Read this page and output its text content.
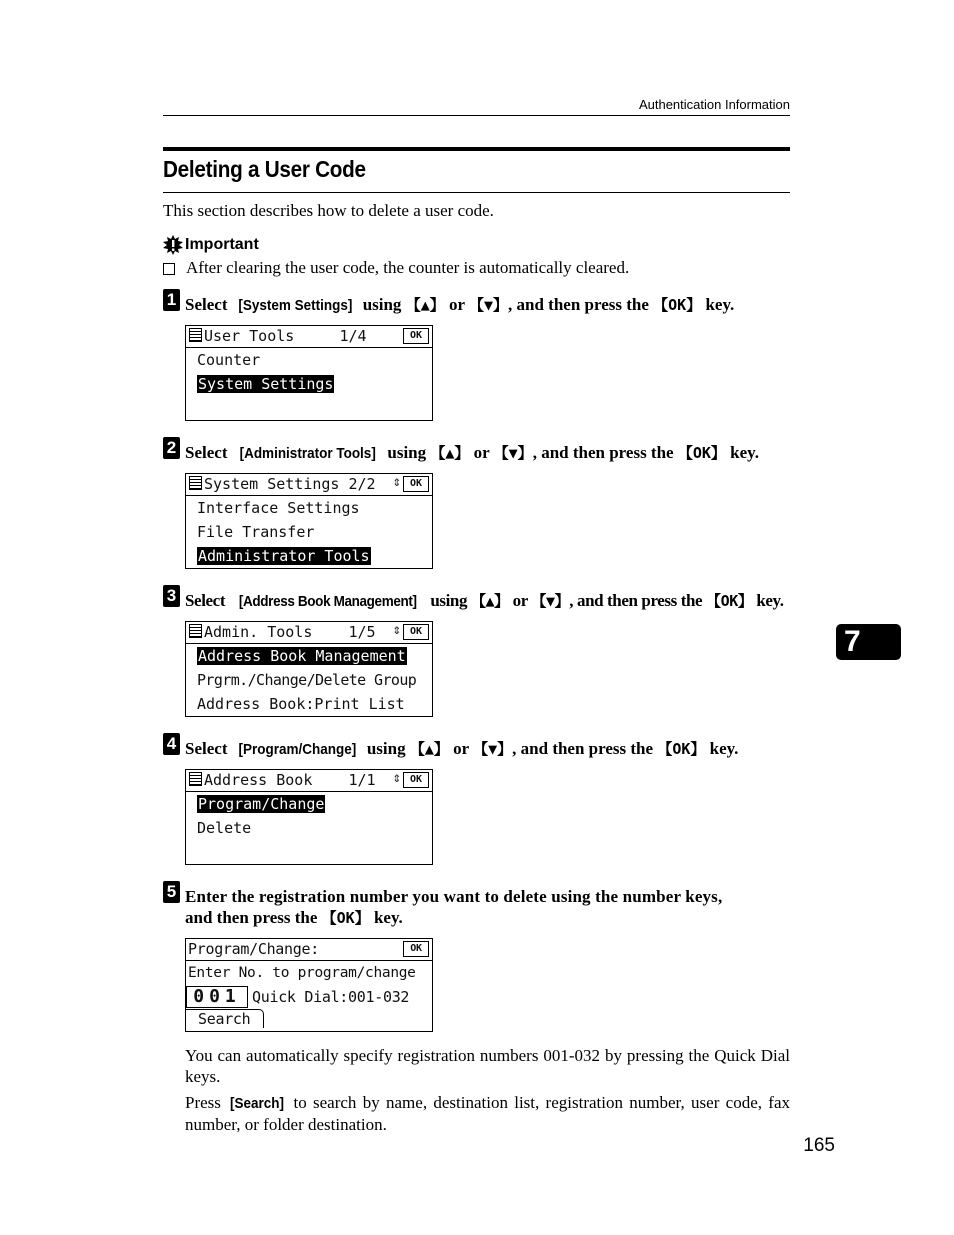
Authentication Information
Deleting a User Code
This section describes how to delete a user code.
Important
After clearing the user code, the counter is automatically cleared.
1 Select [System Settings] using 【▲】 or 【▼】, and then press the 【OK】 key.
User Tools     1/4	OK
Counter
System Settings
2 Select [Administrator Tools] using 【▲】 or 【▼】, and then press the 【OK】 key.
System Settings 2/2 ⇕ OK
Interface Settings
File Transfer
Administrator Tools
3 Select [Address Book Management] using 【▲】 or 【▼】, and then press the 【OK】 key.
Admin. Tools    1/5 ⇕ OK
Address Book Management
Prgrm./Change/Delete Group
Address Book:Print List
4 Select [Program/Change] using 【▲】 or 【▼】, and then press the 【OK】 key.
Address Book    1/1 ⇕ OK
Program/Change
Delete
5 Enter the registration number you want to delete using the number keys,
and then press the 【OK】 key.
Program/Change:	OK
Enter No. to program/change
001 Quick Dial:001-032
Search
You can automatically specify registration numbers 001-032 by pressing the Quick Dial keys.
Press [Search] to search by name, destination list, registration number, user code, fax number, or folder destination.
7
165
